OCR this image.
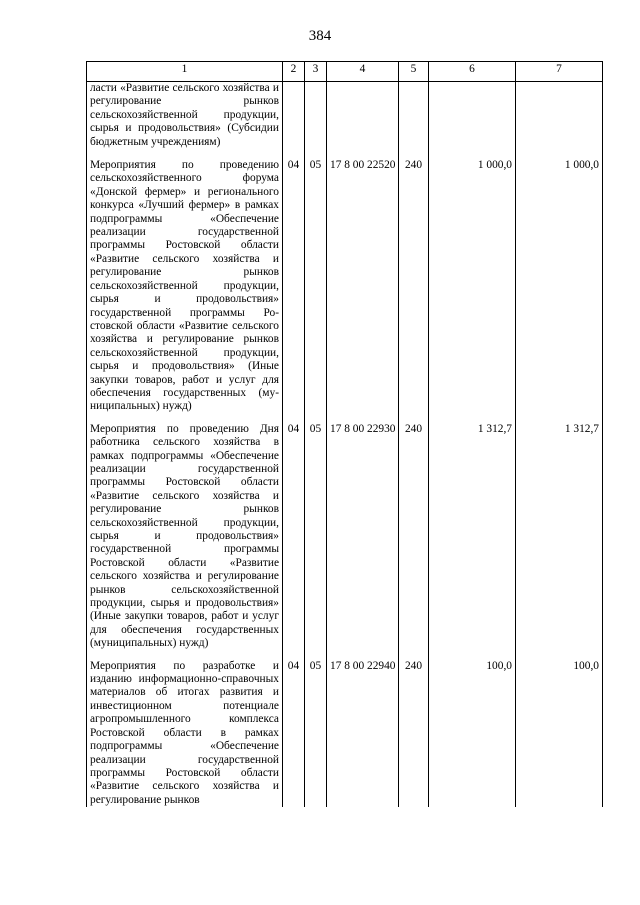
384
1	2	3	4	5	6	7
ласти «Развитие сельского хозяйства и регулирование рынков сельскохозяйственной продукции, сырья и продовольствия» (Субсидии бюджетным учреждениям)						
Мероприятия по проведению сельскохозяйственного форума «Донской фермер» и регионального конкурса «Лучший фермер» в рамках подпрограммы «Обеспечение реализации государственной программы Ростовской области «Развитие сельского хозяйства и регулирование рынков сельскохозяйственной продукции, сырья и продовольствия» государственной программы Ростовской области «Развитие сельского хозяйства и регулирование рынков сельскохозяйственной продукции, сырья и продовольствия» (Иные закупки товаров, работ и услуг для обеспечения государственных (муниципальных) нужд)	04	05	17 8 00 22520	240	1 000,0	1 000,0
Мероприятия по проведению Дня работника сельского хозяйства в рамках подпрограммы «Обеспечение реализации государственной программы Ростовской области «Развитие сельского хозяйства и регулирование рынков сельскохозяйственной продукции, сырья и продовольствия» государственной программы Ростовской области «Развитие сельского хозяйства и регулирование рынков сельскохозяйственной продукции, сырья и продовольствия» (Иные закупки товаров, работ и услуг для обеспечения государственных (муниципальных) нужд)	04	05	17 8 00 22930	240	1 312,7	1 312,7
Мероприятия по разработке и изданию информационно-справочных материалов об итогах развития и инвестиционном потенциале агропромышленного комплекса Ростовской области в рамках подпрограммы «Обеспечение реализации государственной программы Ростовской области «Развитие сельского хозяйства и регулирование рынков	04	05	17 8 00 22940	240	100,0	100,0
